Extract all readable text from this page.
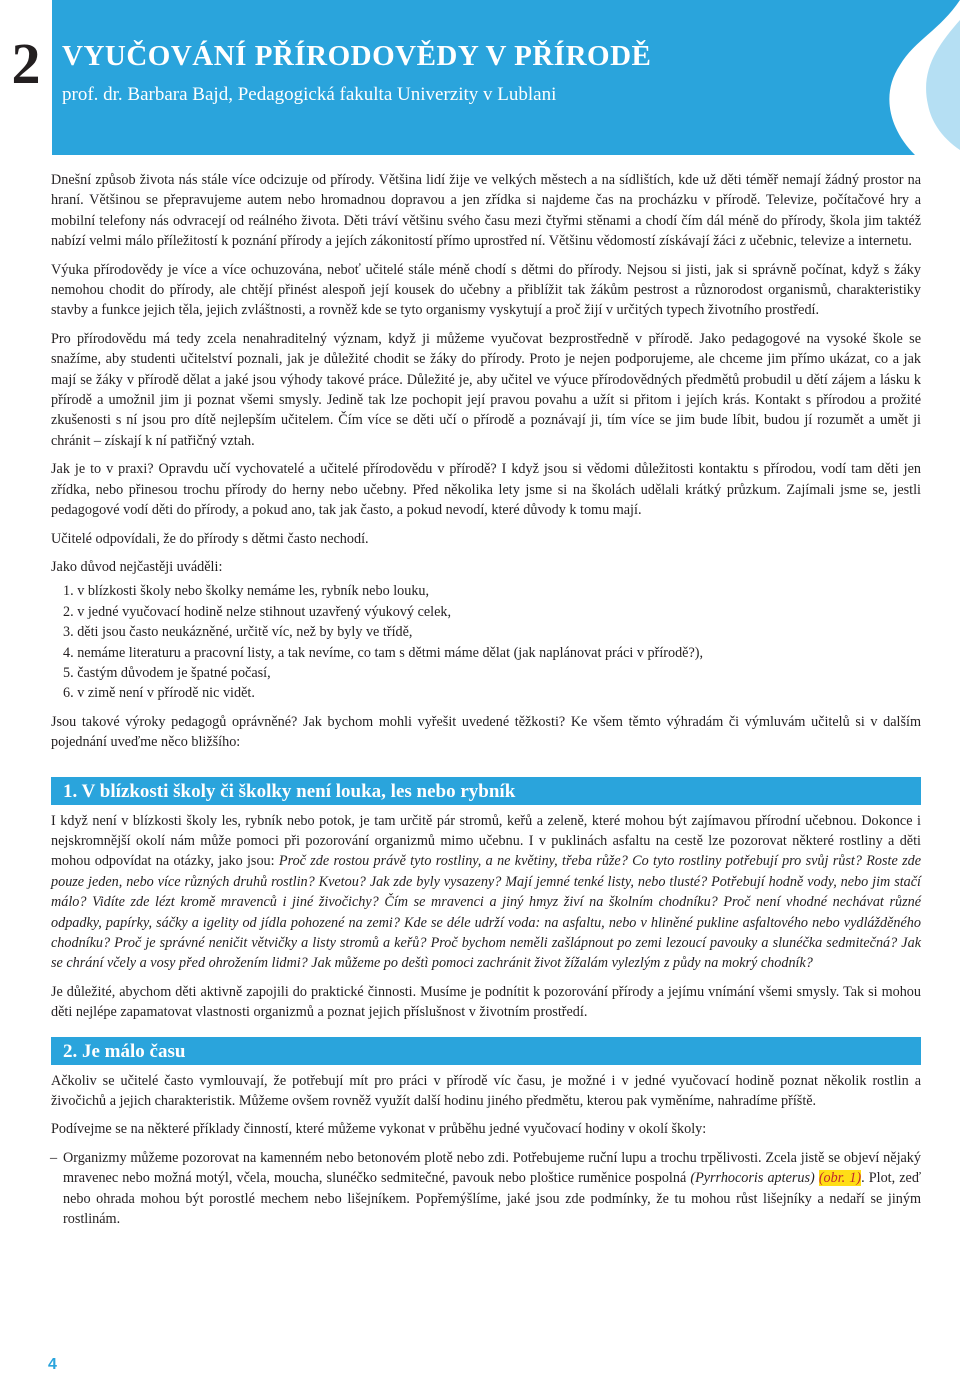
2 VYUČOVÁNÍ PŘÍRODOVĚDY V PŘÍRODĚ

prof. dr. Barbara Bajd, Pedagogická fakulta Univerzity v Lublani

Dnešní způsob života nás stále více odcizuje od přírody. Většina lidí žije ve velkých městech a na sídlištích, kde už děti téměř nemají žádný prostor na hraní. Většinou se přepravujeme autem nebo hromadnou dopravou a jen zřídka si najdeme čas na procházku v přírodě. Televize, počítačové hry a mobilní telefony nás odvracejí od reálného života. Děti tráví většinu svého času mezi čtyřmi stěnami a chodí čím dál méně do přírody, škola jim taktéž nabízí velmi málo příležitostí k poznání přírody a jejích zákonitostí přímo uprostřed ní. Většinu vědomostí získávají žáci z učebnic, televize a internetu.

Výuka přírodovědy je více a více ochuzována, neboť učitelé stále méně chodí s dětmi do přírody. Nejsou si jisti, jak si správně počínat, když s žáky nemohou chodit do přírody, ale chtějí přinést alespoň její kousek do učebny a přiblížit tak žákům pestrost a různorodost organismů, charakteristiky stavby a funkce jejich těla, jejich zvláštnosti, a rovněž kde se tyto organismy vyskytují a proč žijí v určitých typech životního prostředí.

Pro přírodovědu má tedy zcela nenahraditelný význam, když ji můžeme vyučovat bezprostředně v přírodě. Jako pedagogové na vysoké škole se snažíme, aby studenti učitelství poznali, jak je důležité chodit se žáky do přírody. Proto je nejen podporujeme, ale chceme jim přímo ukázat, co a jak mají se žáky v přírodě dělat a jaké jsou výhody takové práce. Důležité je, aby učitel ve výuce přírodovědných předmětů probudil u dětí zájem a lásku k přírodě a umožnil jim ji poznat všemi smysly. Jedině tak lze pochopit její pravou povahu a užít si přitom i jejích krás. Kontakt s přírodou a prožité zkušenosti s ní jsou pro dítě nejlepším učitelem. Čím více se děti učí o přírodě a poznávají ji, tím více se jim bude líbit, budou jí rozumět a umět ji chránit – získají k ní patřičný vztah.

Jak je to v praxi? Opravdu učí vychovatelé a učitelé přírodovědu v přírodě? I když jsou si vědomi důležitosti kontaktu s přírodou, vodí tam děti jen zřídka, nebo přinesou trochu přírody do herny nebo učebny. Před několika lety jsme si na školách udělali krátký průzkum. Zajímali jsme se, jestli pedagogové vodí děti do přírody, a pokud ano, tak jak často, a pokud nevodí, které důvody k tomu mají.

Učitelé odpovídali, že do přírody s dětmi často nechodí.

Jako důvod nejčastěji uváděli:

1. v blízkosti školy nebo školky nemáme les, rybník nebo louku,
2. v jedné vyučovací hodině nelze stihnout uzavřený výukový celek,
3. děti jsou často neukázněné, určitě víc, než by byly ve třídě,
4. nemáme literaturu a pracovní listy, a tak nevíme, co tam s dětmi máme dělat (jak naplánovat práci v přírodě?),
5. častým důvodem je špatné počasí,
6. v zimě není v přírodě nic vidět.

Jsou takové výroky pedagogů oprávněné? Jak bychom mohli vyřešit uvedené těžkosti? Ke všem těmto výhradám či výmluvám učitelů si v dalším pojednání uveďme něco bližšího:

1. V blízkosti školy či školky není louka, les nebo rybník

I když není v blízkosti školy les, rybník nebo potok, je tam určitě pár stromů, keřů a zeleně, které mohou být zajímavou přírodní učebnou. Dokonce i nejskromnější okolí nám může pomoci při pozorování organizmů mimo učebnu. I v puklinách asfaltu na cestě lze pozorovat některé rostliny a děti mohou odpovídat na otázky, jako jsou: Proč zde rostou právě tyto rostliny, a ne květiny, třeba růže? Co tyto rostliny potřebují pro svůj růst? Roste zde pouze jeden, nebo více různých druhů rostlin? Kvetou? Jak zde byly vysazeny? Mají jemné tenké listy, nebo tlusté? Potřebují hodně vody, nebo jim stačí málo? Vidíte zde lézt kromě mravenců i jiné živočichy? Čím se mravenci a jiný hmyz živí na školním chodníku? Proč není vhodné nechávat různé odpadky, papírky, sáčky a igelity od jídla pohozené na zemi? Kde se déle udrží voda: na asfaltu, nebo v hliněné pukline asfaltového nebo vydlážděného chodníku? Proč je správné neničit větvičky a listy stromů a keřů? Proč bychom neměli zašlápnout po zemi lezoucí pavouky a slunéčka sedmitečná? Jak se chrání včely a vosy před ohrožením lidmi? Jak můžeme po deštì pomoci zachránit život žížalám vylezlým z půdy na mokrý chodník?

Je důležité, abychom děti aktivně zapojili do praktické činnosti. Musíme je podnítit k pozorování přírody a jejímu vnímání všemi smysly. Tak si mohou děti nejlépe zapamatovat vlastnosti organizmů a poznat jejich příslušnost v životním prostředí.

2. Je málo času

Ačkoliv se učitelé často vymlouvají, že potřebují mít pro práci v přírodě víc času, je možné i v jedné vyučovací hodině poznat několik rostlin a živočichů a jejich charakteristik. Můžeme ovšem rovněž využít další hodinu jiného předmětu, kterou pak vyměníme, nahradíme příště.

Podívejme se na některé příklady činností, které můžeme vykonat v průběhu jedné vyučovací hodiny v okolí školy:

– Organizmy můžeme pozorovat na kamenném nebo betonovém plotě nebo zdi. Potřebujeme ruční lupu a trochu trpělivosti. Zcela jistě se objeví nějaký mravenec nebo možná motýl, včela, moucha, slunéčko sedmitečné, pavouk nebo ploštice ruměnice pospolná (Pyrrhocoris apterus) (obr. 1). Plot, zeď nebo ohrada mohou být porostlé mechem nebo lišejníkem. Popřemýšlíme, jaké jsou zde podmínky, že tu mohou růst lišejníky a nedaří se jiným rostlinám.

4
